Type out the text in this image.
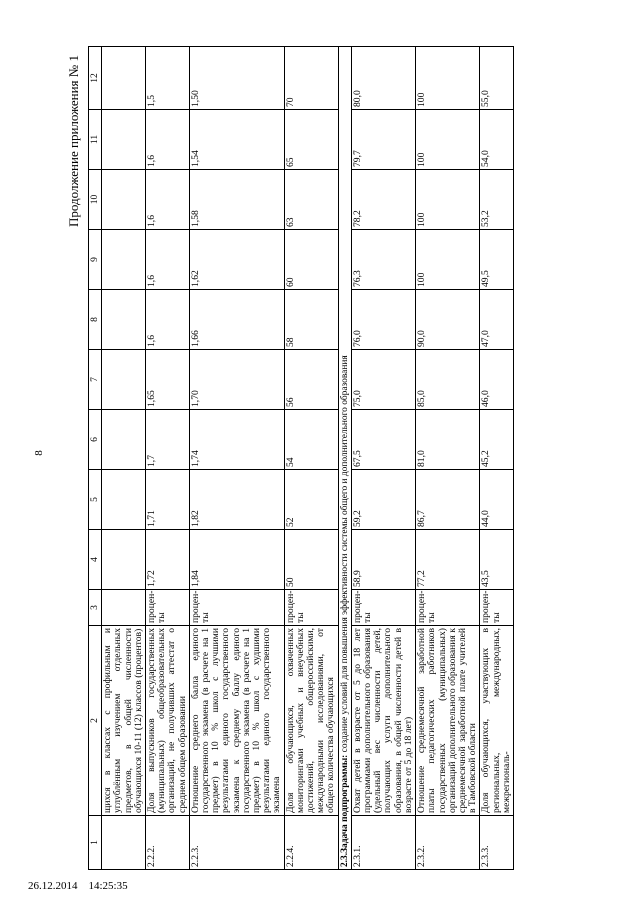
8
Продолжение приложения № 1
1	2	3	4	5	6	7	8	9	10	11	12
	щихся в классах с профильным и углублённым изучением отдельных предметов, в общей численности обучающихся 10-11 (12) классов (процентов)										
2.2.2.	Доля выпускников государственных (муниципальных) общеобразовательных организаций, не получивших аттестат о среднем общем образовании	процен-ты	1,72	1,71	1,7	1,65	1,6	1,6	1,6	1,6	1,5
2.2.3.	Отношение среднего балла единого государственного экзамена (в расчете на 1 предмет) в 10 % школ с лучшими результатами единого государственного экзамена к среднему баллу единого государственного экзамена (в расчете на 1 предмет) в 10 % школ с худшими результатами единого государственного экзамена	процен-ты	1,84	1,82	1,74	1,70	1,66	1,62	1,58	1,54	1,50
2.2.4.	Доля обучающихся, охваченных мониторингами учебных и внеучебных достижений, общероссийскими, международными исследованиями, от общего количества обучающихся	процен-ты	50	52	54	56	58	60	63	65	70
2.3.Задача подпрограммы: создание условий для повышения эффективности системы общего и дополнительного образования											
2.3.1.	Охват детей в возрасте от 5 до 18 лет программами дополнительного образования (удельный вес численности детей, получающих услуги дополнительного образования, в общей численности детей в возрасте от 5 до 18 лет)	процен-ты	58,9	59,2	67,5	75,0	76,0	76,3	78,2	79,7	80,0
2.3.2.	Отношение среднемесячной заработной платы педагогических работников государственных (муниципальных) организаций дополнительного образования к среднемесячной заработной плате учителей в Тамбовской области	процен-ты	77,2	86,7	81,0	85,0	90,0	100	100	100	100
2.3.3.	Доля обучающихся, участвующих в региональных, международных, межрегиональ-	процен-ты	43,5	44,0	45,2	46,0	47,0	49,5	53,2	54,0	55,0
26.12.2014 14:25:35
